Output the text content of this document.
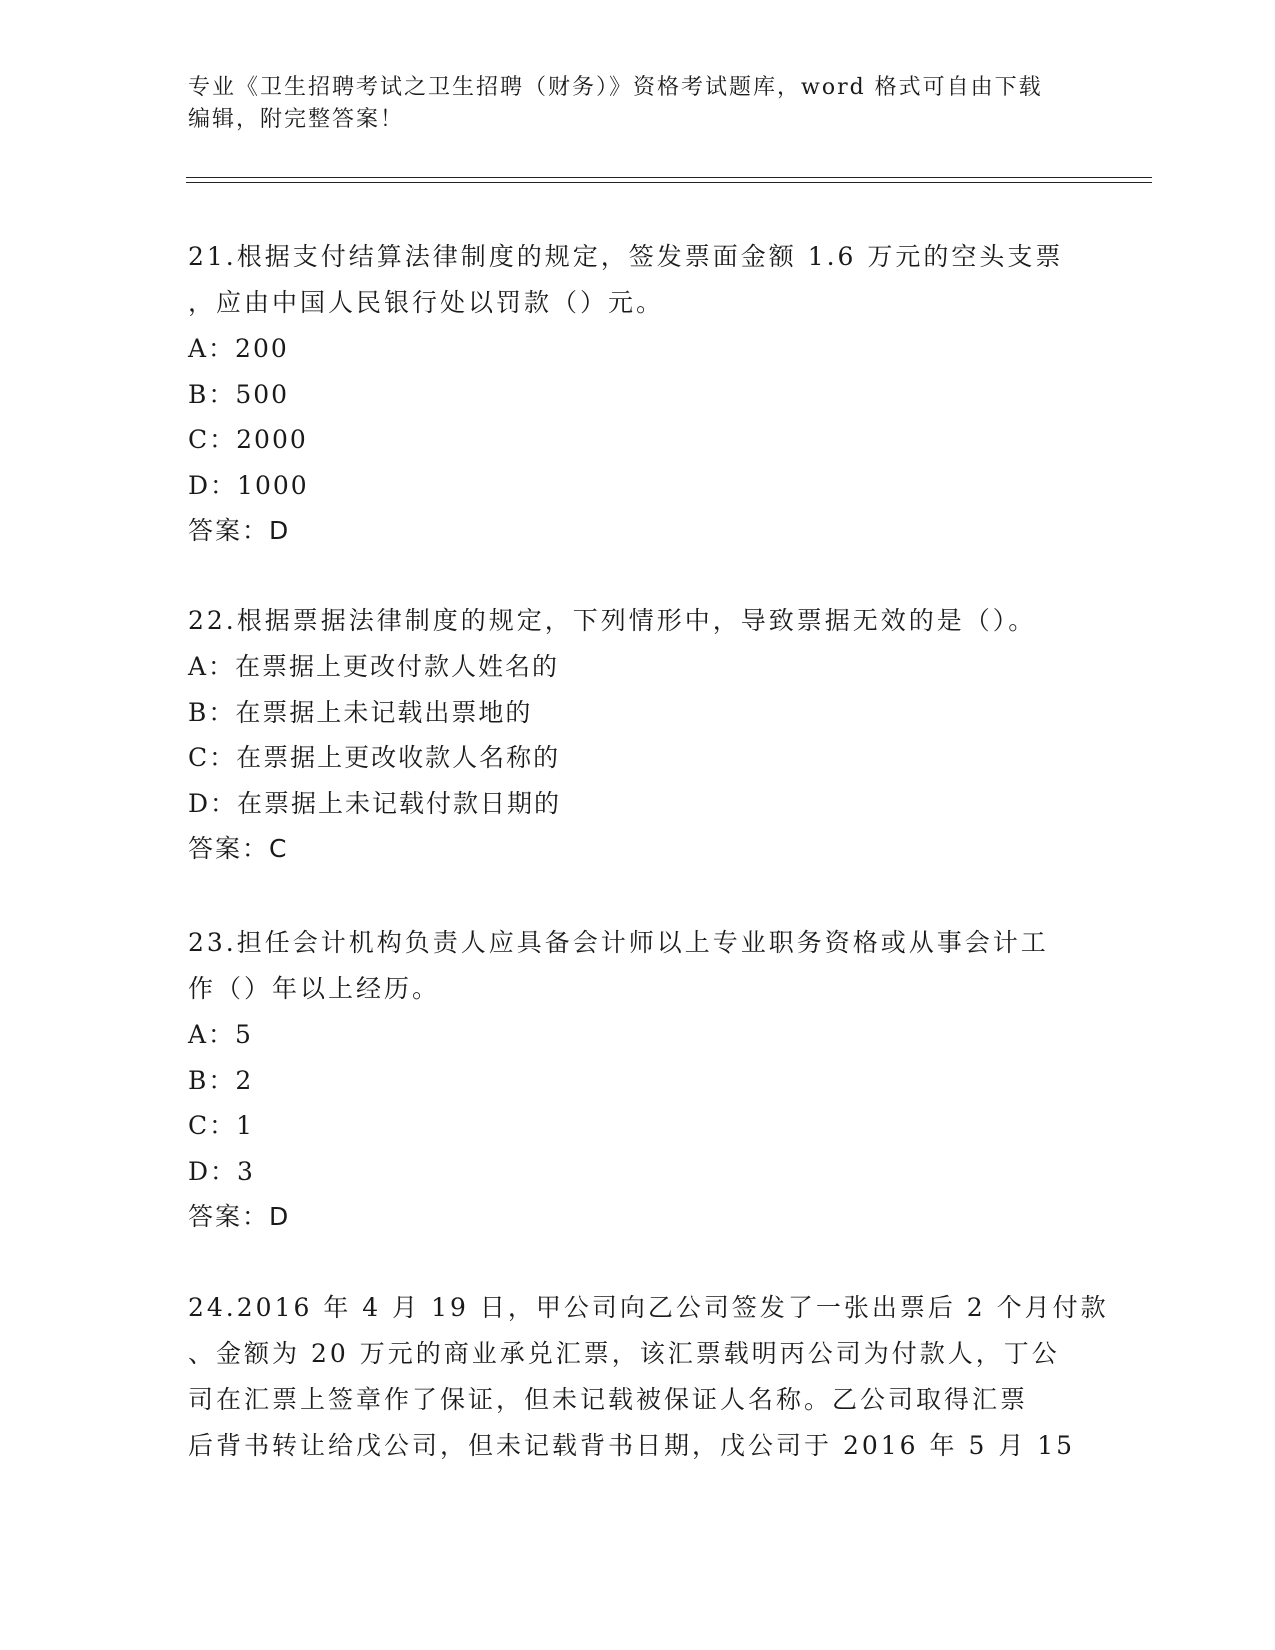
专业《卫生招聘考试之卫生招聘（财务）》资格考试题库，word 格式可自由下载
编辑，附完整答案！
21.根据支付结算法律制度的规定，签发票面金额 1.6 万元的空头支票
，应由中国人民银行处以罚款（）元。
A：200
B：500
C：2000
D：1000
答案：D
22.根据票据法律制度的规定，下列情形中，导致票据无效的是（）。
A：在票据上更改付款人姓名的
B：在票据上未记载出票地的
C：在票据上更改收款人名称的
D：在票据上未记载付款日期的
答案：C
23.担任会计机构负责人应具备会计师以上专业职务资格或从事会计工
作（）年以上经历。
A：5
B：2
C：1
D：3
答案：D
24.2016 年 4 月 19 日，甲公司向乙公司签发了一张出票后 2 个月付款
、金额为 20 万元的商业承兑汇票，该汇票载明丙公司为付款人，丁公
司在汇票上签章作了保证，但未记载被保证人名称。乙公司取得汇票
后背书转让给戊公司，但未记载背书日期，戊公司于 2016 年 5 月 15
